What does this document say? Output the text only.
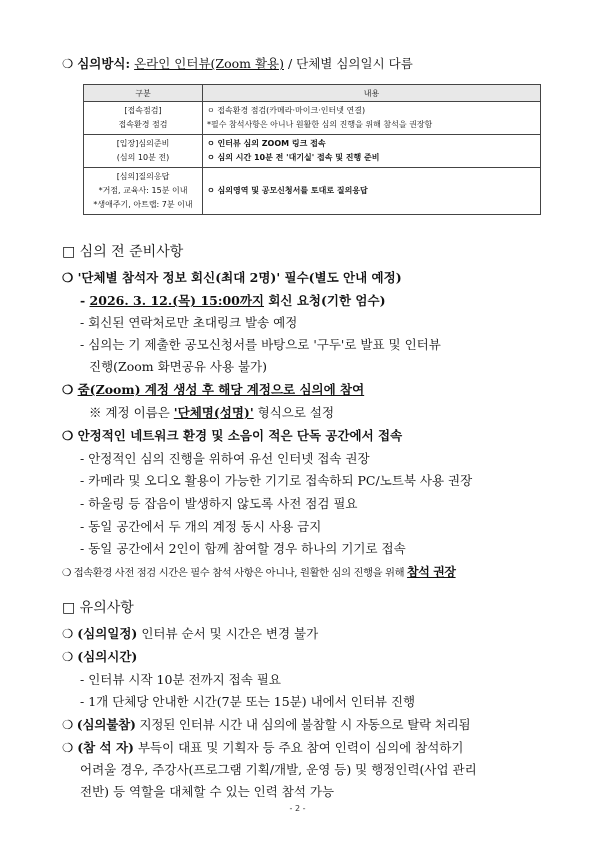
❍ 심의방식: 온라인 인터뷰(Zoom 활용) / 단체별 심의일시 다름
구분	내용

[접속점검]
접속환경 점검	ㅇ 접속환경 점검(카메라·마이크·인터넷 연결)
*필수 참석사항은 아니나 원활한 심의 진행을 위해 참석을 권장함

[입장]심의준비
(심의 10분 전)	ㅇ 인터뷰 심의 ZOOM 링크 접속
ㅇ 심의 시간 10분 전 '대기실' 접속 및 진행 준비

[심의]질의응답
*거점, 교육사: 15분 이내
*생애주기, 아트랩: 7분 이내	ㅇ 심의영역 및 공모신청서를 토대로 질의응답
□ 심의 전 준비사항
❍ '단체별 참석자 정보 회신(최대 2명)' 필수(별도 안내 예정)
- 2026. 3. 12.(목) 15:00까지 회신 요청(기한 엄수)
- 회신된 연락처로만 초대링크 발송 예정
- 심의는 기 제출한 공모신청서를 바탕으로 '구두'로 발표 및 인터뷰
진행(Zoom 화면공유 사용 불가)
❍ 줌(Zoom) 계정 생성 후 해당 계정으로 심의에 참여
※ 계정 이름은 '단체명(성명)' 형식으로 설정
❍ 안정적인 네트워크 환경 및 소음이 적은 단독 공간에서 접속
- 안정적인 심의 진행을 위하여 유선 인터넷 접속 권장
- 카메라 및 오디오 활용이 가능한 기기로 접속하되 PC/노트북 사용 권장
- 하울링 등 잡음이 발생하지 않도록 사전 점검 필요
- 동일 공간에서 두 개의 계정 동시 사용 금지
- 동일 공간에서 2인이 함께 참여할 경우 하나의 기기로 접속
❍ 접속환경 사전 점검 시간은 필수 참석 사항은 아니나, 원활한 심의 진행을 위해 참석 권장
□ 유의사항
❍ (심의일정) 인터뷰 순서 및 시간은 변경 불가
❍ (심의시간)
- 인터뷰 시작 10분 전까지 접속 필요
- 1개 단체당 안내한 시간(7분 또는 15분) 내에서 인터뷰 진행
❍ (심의불참) 지정된 인터뷰 시간 내 심의에 불참할 시 자동으로 탈락 처리됨
❍ (참 석 자) 부득이 대표 및 기획자 등 주요 참여 인력이 심의에 참석하기
어려울 경우, 주강사(프로그램 기획/개발, 운영 등) 및 행정인력(사업 관리
전반) 등 역할을 대체할 수 있는 인력 참석 가능
- 2 -
